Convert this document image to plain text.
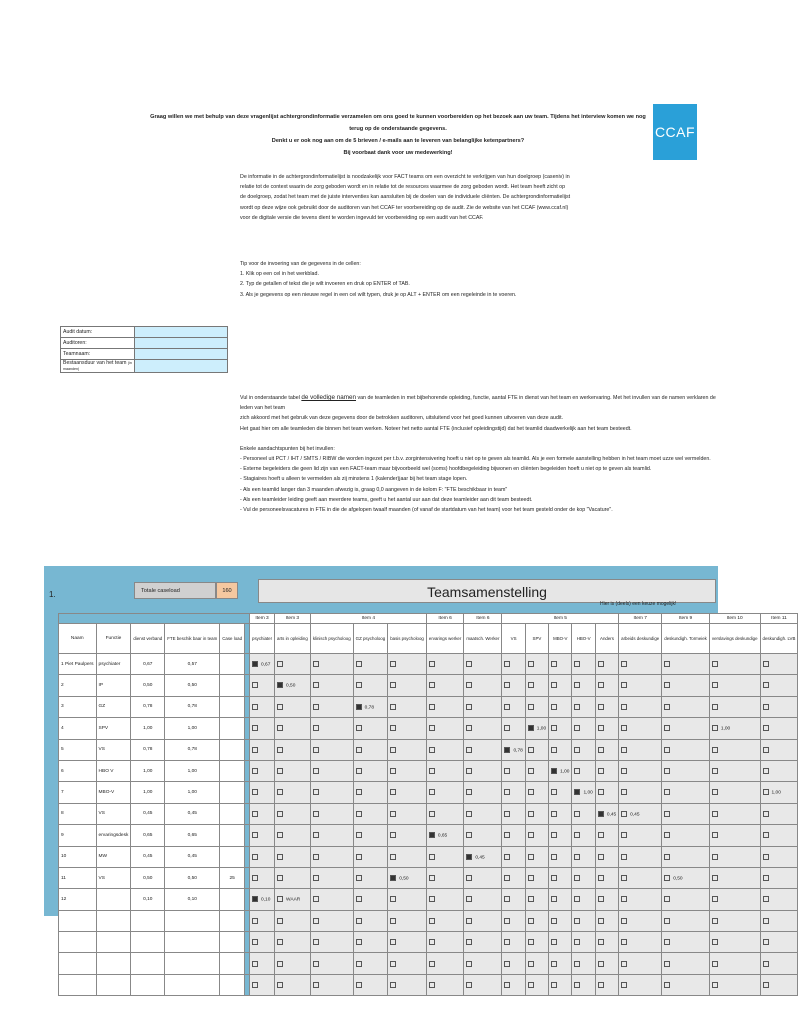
Graag willen we met behulp van deze vragenlijst achtergrondinformatie verzamelen om ons goed te kunnen voorbereiden op het bezoek aan uw team. Tijdens het interview komen we nog terug op de onderstaande gegevens.
Denkt u er ook nog aan om de 5 brieven / e-mails aan te leveren van belanglijke ketenpartners?
Bij voorbaat dank voor uw medewerking!
CCAF

De informatie in de achtergrondinformatielijst is noodzakelijk voor FACT teams om een overzicht te verkrijgen van hun doelgroep (caseniv) in

relatie tot de context waarin de zorg geboden wordt en in relatie tot de resources waarmee de zorg geboden wordt. Het team heeft zicht op

de doelgroep, zodat het team met de juiste interventies kan aansluiten bij de doelen van de individuele cliënten. De achtergrondinformatielijst

wordt op deze wijze ook gebruikt door de auditoren van het CCAF ter voorbereiding op de audit. Zie de website van het CCAF (www.ccaf.nl)

voor de digitale versie die tevens dient te worden ingevuld ter voorbereiding op een audit van het CCAF.

Tip voor de invoering van de gegevens in de cellen:

1. Klik op een cel in het werkblad.

2. Typ de getallen of tekst die je wilt invoeren en druk op ENTER of TAB.

3. Als je gegevens op een nieuwe regel in een cel wilt typen, druk je op ALT + ENTER om een regeleinde in te voeren.

Audit datum:	
Auditoren:	
Teamnaam:	
Bestaansduur van het team (in maanden)	

Vul in onderstaande tabel de volledige namen van de teamleden in met bijbehorende opleiding, functie, aantal FTE in dienst van het team en werkervaring. Met het invullen van de namen verklaren de leden van het team

zich akkoord met het gebruik van deze gegevens door de betrokken auditoren, uitsluitend voor het goed kunnen uitvoeren van deze audit.

Het gaat hier om alle teamleden die binnen het team werken. Noteer het netto aantal FTE (inclusief opleidingstijd) dat het teamlid daadwerkelijk aan het team besteedt.

Enkele aandachtspunten bij het invullen:

- Personeel uit PCT / IHT / SMTS / RIBW die worden ingezet per t.b.v. zorgintensivering hoeft u niet op te geven als teamlid. Als je een formele aanstelling hebben in het team moet uzze wel vermelden.

- Externe begeleiders die geen lid zijn van een FACT-team maar bijvoorbeeld wel (soms) hoofdbegeleiding bijwonen en cliënten begeleiden hoeft u niet op te geven als teamlid.

- Stagiaires hoeft u alleen te vermelden als zij minstens 1 (kalender)jaar bij het team stage lopen.

- Als een teamlid langer dan 3 maanden afwezig is, graag 0,0 aangeven in de kolom F: "FTE beschikbaar in team"

- Als een teamleider leiding geeft aan meerdere teams, geeft u het aantal uur aan dat deze teamleider aan dit team besteedt.

- Vul de personeelsvacatures in FTE in die de afgelopen twaalf maanden (of vanaf de startdatum van het team) voor het team gesteld onder de kop "Vacature".

1.	Totale caseload	160	Teamsamenstelling
Hier is (deels) een keuze mogelijk!
						Item 3	Item 3	Item 4			Item 6	Item 6	Item 5					Item 7	Item 9	Item 10	Item 11
Naam	Functie	dienst verband	FTE beschik baar in team	Case load		psychiater	arts in opleiding	klinisch psycholoog	GZ psycholoog	basis psycholoog	ervarings werker	maatsch. Werker	VS	SPV	MBO-V	HBO-V	Anders	arbeids deskundige	deskundigh. Tormeiek	verslavings deskundige	deskundigh. LVB
1 Piet Paulpers	psychiater	0,67	0,57			0,67															
2	IP	0,50	0,50				0,50														
3	GZ	0,78	0,78						0,78												
4	SPV	1,00	1,00											1,00						1,00	
5	VS	0,78	0,78										0,78								
6	HBO V	1,00	1,00												1,00						
7	MBO-V	1,00	1,00													1,00					1,00
8	VS	0,45	0,45														0,45	0,45			
9	ervaringsdesk	0,65	0,65								0,65										
10	MW	0,45	0,45									0,45									
11	VS	0,50	0,50	25						0,50									0,50		
12		0,10	0,10			0,10	WAAR														
